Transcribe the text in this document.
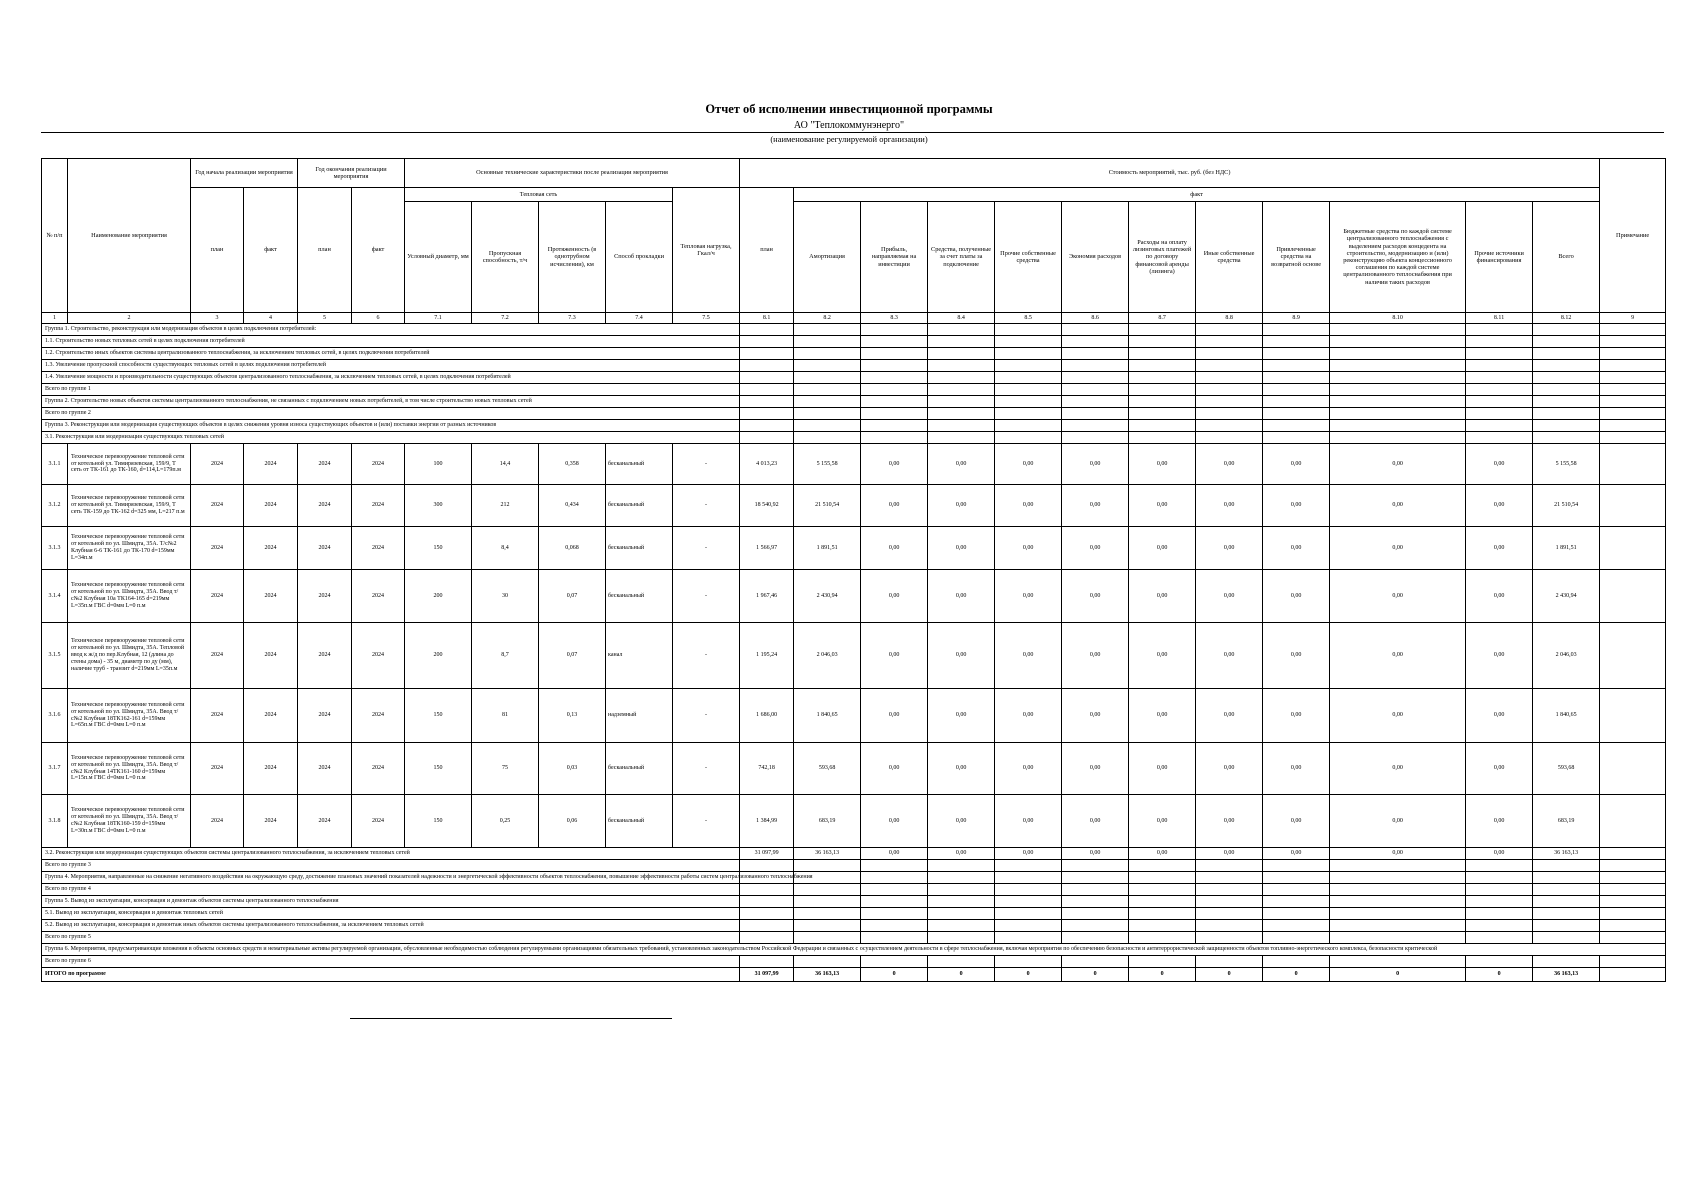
Отчет об исполнении инвестиционной программы
АО "Теплокоммунэнерго"
(наименование регулируемой организации)
№ п/п	Наименование мероприятия	Год начала реализации мероприятия		Год окончания реализации мероприятия		Основные технические характеристики после реализации мероприятия					Стоимость мероприятий, тыс. руб. (без НДС)												Примечание
		план	факт	план	факт	Тепловая сеть				Тепловая нагрузка, Гкал/ч	план	факт											
						Условный диаметр, мм	Пропускная способность, т/ч	Протяженность (в однотрубном исчислении), км	Способ прокладки			Амортизация	Прибыль, направляемая на инвестиции	Средства, полученные за счет платы за подключение	Прочие собственные средства	Экономия расходов	Расходы на оплату лизинговых платежей по договору финансовой аренды (лизинга)	Иные собственные средства	Привлеченные средства на возвратной основе	Бюджетные средства по каждой системе централизованного теплоснабжения с выделением расходов концедента на строительство, модернизацию и (или) реконструкцию объекта концессионного соглашения по каждой системе централизованного теплоснабжения при наличии таких расходов	Прочие источники финансирования	Всего	
1	2	3	4	5	6	7.1	7.2	7.3	7.4	7.5	8.1	8.2	8.3	8.4	8.5	8.6	8.7	8.8	8.9	8.10	8.11	8.12	9
Группа 1. Строительство, реконструкция или модернизация объектов в целях подключения потребителей:																							
1.1. Строительство новых тепловых сетей в целях подключения потребителей																							
1.2. Строительство иных объектов системы централизованного теплоснабжения, за исключением тепловых сетей, в целях подключения потребителей																							
1.3. Увеличение пропускной способности существующих тепловых сетей в целях подключения потребителей																							
1.4. Увеличение мощности и производительности существующих объектов централизованного теплоснабжения, за исключением тепловых сетей, в целях подключения потребителей																							
Всего по группе 1																							
Группа 2. Строительство новых объектов системы централизованного теплоснабжения, не связанных с подключением новых потребителей, в том числе строительство новых тепловых сетей																							
Всего по группе 2																							
Группа 3. Реконструкция или модернизация существующих объектов в целях снижения уровня износа существующих объектов и (или) поставки энергии от разных источников																							
3.1. Реконструкция или модернизация существующих тепловых сетей																							
3.1.1	Техническое перевооружение тепловой сети от котельной ул. Тимирязевская, 159/9, Т сеть от ТК-161 до ТК-160, d=114,L=179п.м	2024	2024	2024	2024	100	14,4	0,358	бесканальный	-	4 013,23	5 155,58	0,00	0,00	0,00	0,00	0,00	0,00	0,00	0,00	0,00	5 155,58	
3.1.2	Техническое перевооружение тепловой сети от котельной ул. Тимирязевская, 159/9, Т сеть ТК-159 до ТК-162 d=325 мм, L=217 п.м	2024	2024	2024	2024	300	212	0,434	бесканальный	-	18 540,92	21 510,54	0,00	0,00	0,00	0,00	0,00	0,00	0,00	0,00	0,00	21 510,54	
3.1.3	Техническое перевооружение тепловой сети от котельной по ул. Шмидта, 35А. Т/с№2 Клубная 6-6 ТК-161 до ТК-170 d=159мм L=34п.м	2024	2024	2024	2024	150	8,4	0,068	бесканальный	-	1 566,97	1 891,51	0,00	0,00	0,00	0,00	0,00	0,00	0,00	0,00	0,00	1 891,51	
3.1.4	Техническое перевооружение тепловой сети от котельной по ул. Шмидта, 35А. Ввод т/с№2 Клубная 10а ТК164-165 d=219мм L=35п.м ГВС d=0мм L=0 п.м	2024	2024	2024	2024	200	30	0,07	бесканальный	-	1 967,46	2 430,94	0,00	0,00	0,00	0,00	0,00	0,00	0,00	0,00	0,00	2 430,94	
3.1.5	Техническое перевооружение тепловой сети от котельной по ул. Шмидта, 35А. Тепловой ввод к ж/д по пер.Клубная, 12 (длина до стены дома) - 35 м, диаметр по ду (мм), наличие труб - транзит d=219мм L=35п.м	2024	2024	2024	2024	200	8,7	0,07	канал	-	1 195,24	2 046,03	0,00	0,00	0,00	0,00	0,00	0,00	0,00	0,00	0,00	2 046,03	
3.1.6	Техническое перевооружение тепловой сети от котельной по ул. Шмидта, 35А. Ввод т/с№2 Клубная 18ТК162-161 d=159мм L=65п.м ГВС d=0мм L=0 п.м	2024	2024	2024	2024	150	81	0,13	надземный	-	1 686,00	1 840,65	0,00	0,00	0,00	0,00	0,00	0,00	0,00	0,00	0,00	1 840,65	
3.1.7	Техническое перевооружение тепловой сети от котельной по ул. Шмидта, 35А. Ввод т/с№2 Клубная 14ТК161-160 d=159мм L=15п.м ГВС d=0мм L=0 п.м	2024	2024	2024	2024	150	75	0,03	бесканальный	-	742,18	593,68	0,00	0,00	0,00	0,00	0,00	0,00	0,00	0,00	0,00	593,68	
3.1.8	Техническое перевооружение тепловой сети от котельной по ул. Шмидта, 35А. Ввод т/с№2 Клубная 18ТК160-159 d=159мм L=30п.м ГВС d=0мм L=0 п.м	2024	2024	2024	2024	150	0,25	0,06	бесканальный	-	1 384,99	683,19	0,00	0,00	0,00	0,00	0,00	0,00	0,00	0,00	0,00	683,19	
3.2. Реконструкция или модернизация существующих объектов системы централизованного теплоснабжения, за исключением тепловых сетей											31 097,99	36 163,13	0,00	0,00	0,00	0,00	0,00	0,00	0,00	0,00	0,00	36 163,13	
Всего по группе 3																							
Группа 4. Мероприятия, направленные на снижение негативного воздействия на окружающую среду, достижение плановых значений показателей надежности и энергетической эффективности объектов теплоснабжения, повышение эффективности работы систем централизованного теплоснабжения																							
Всего по группе 4																							
Группа 5. Вывод из эксплуатации, консервация и демонтаж объектов системы централизованного теплоснабжения																							
5.1. Вывод из эксплуатации, консервация и демонтаж тепловых сетей																							
5.2. Вывод из эксплуатации, консервация и демонтаж иных объектов системы централизованного теплоснабжения, за исключением тепловых сетей																							
Всего по группе 5																							
Группа 6. Мероприятия, предусматривающие вложения в объекты основных средств и нематериальные активы регулируемой организации, обусловленные необходимостью соблюдения регулируемыми организациями обязательных требований, установленных законодательством Российской Федерации и связанных с осуществлением деятельности в сфере теплоснабжения, включая мероприятия по обеспечению безопасности и антитеррористической защищенности объектов топливно-энергетического комплекса, безопасности критической																							
Всего по группе 6																							
ИТОГО по программе											31 097,99	36 163,13	0	0	0	0	0	0	0	0	0	36 163,13	
